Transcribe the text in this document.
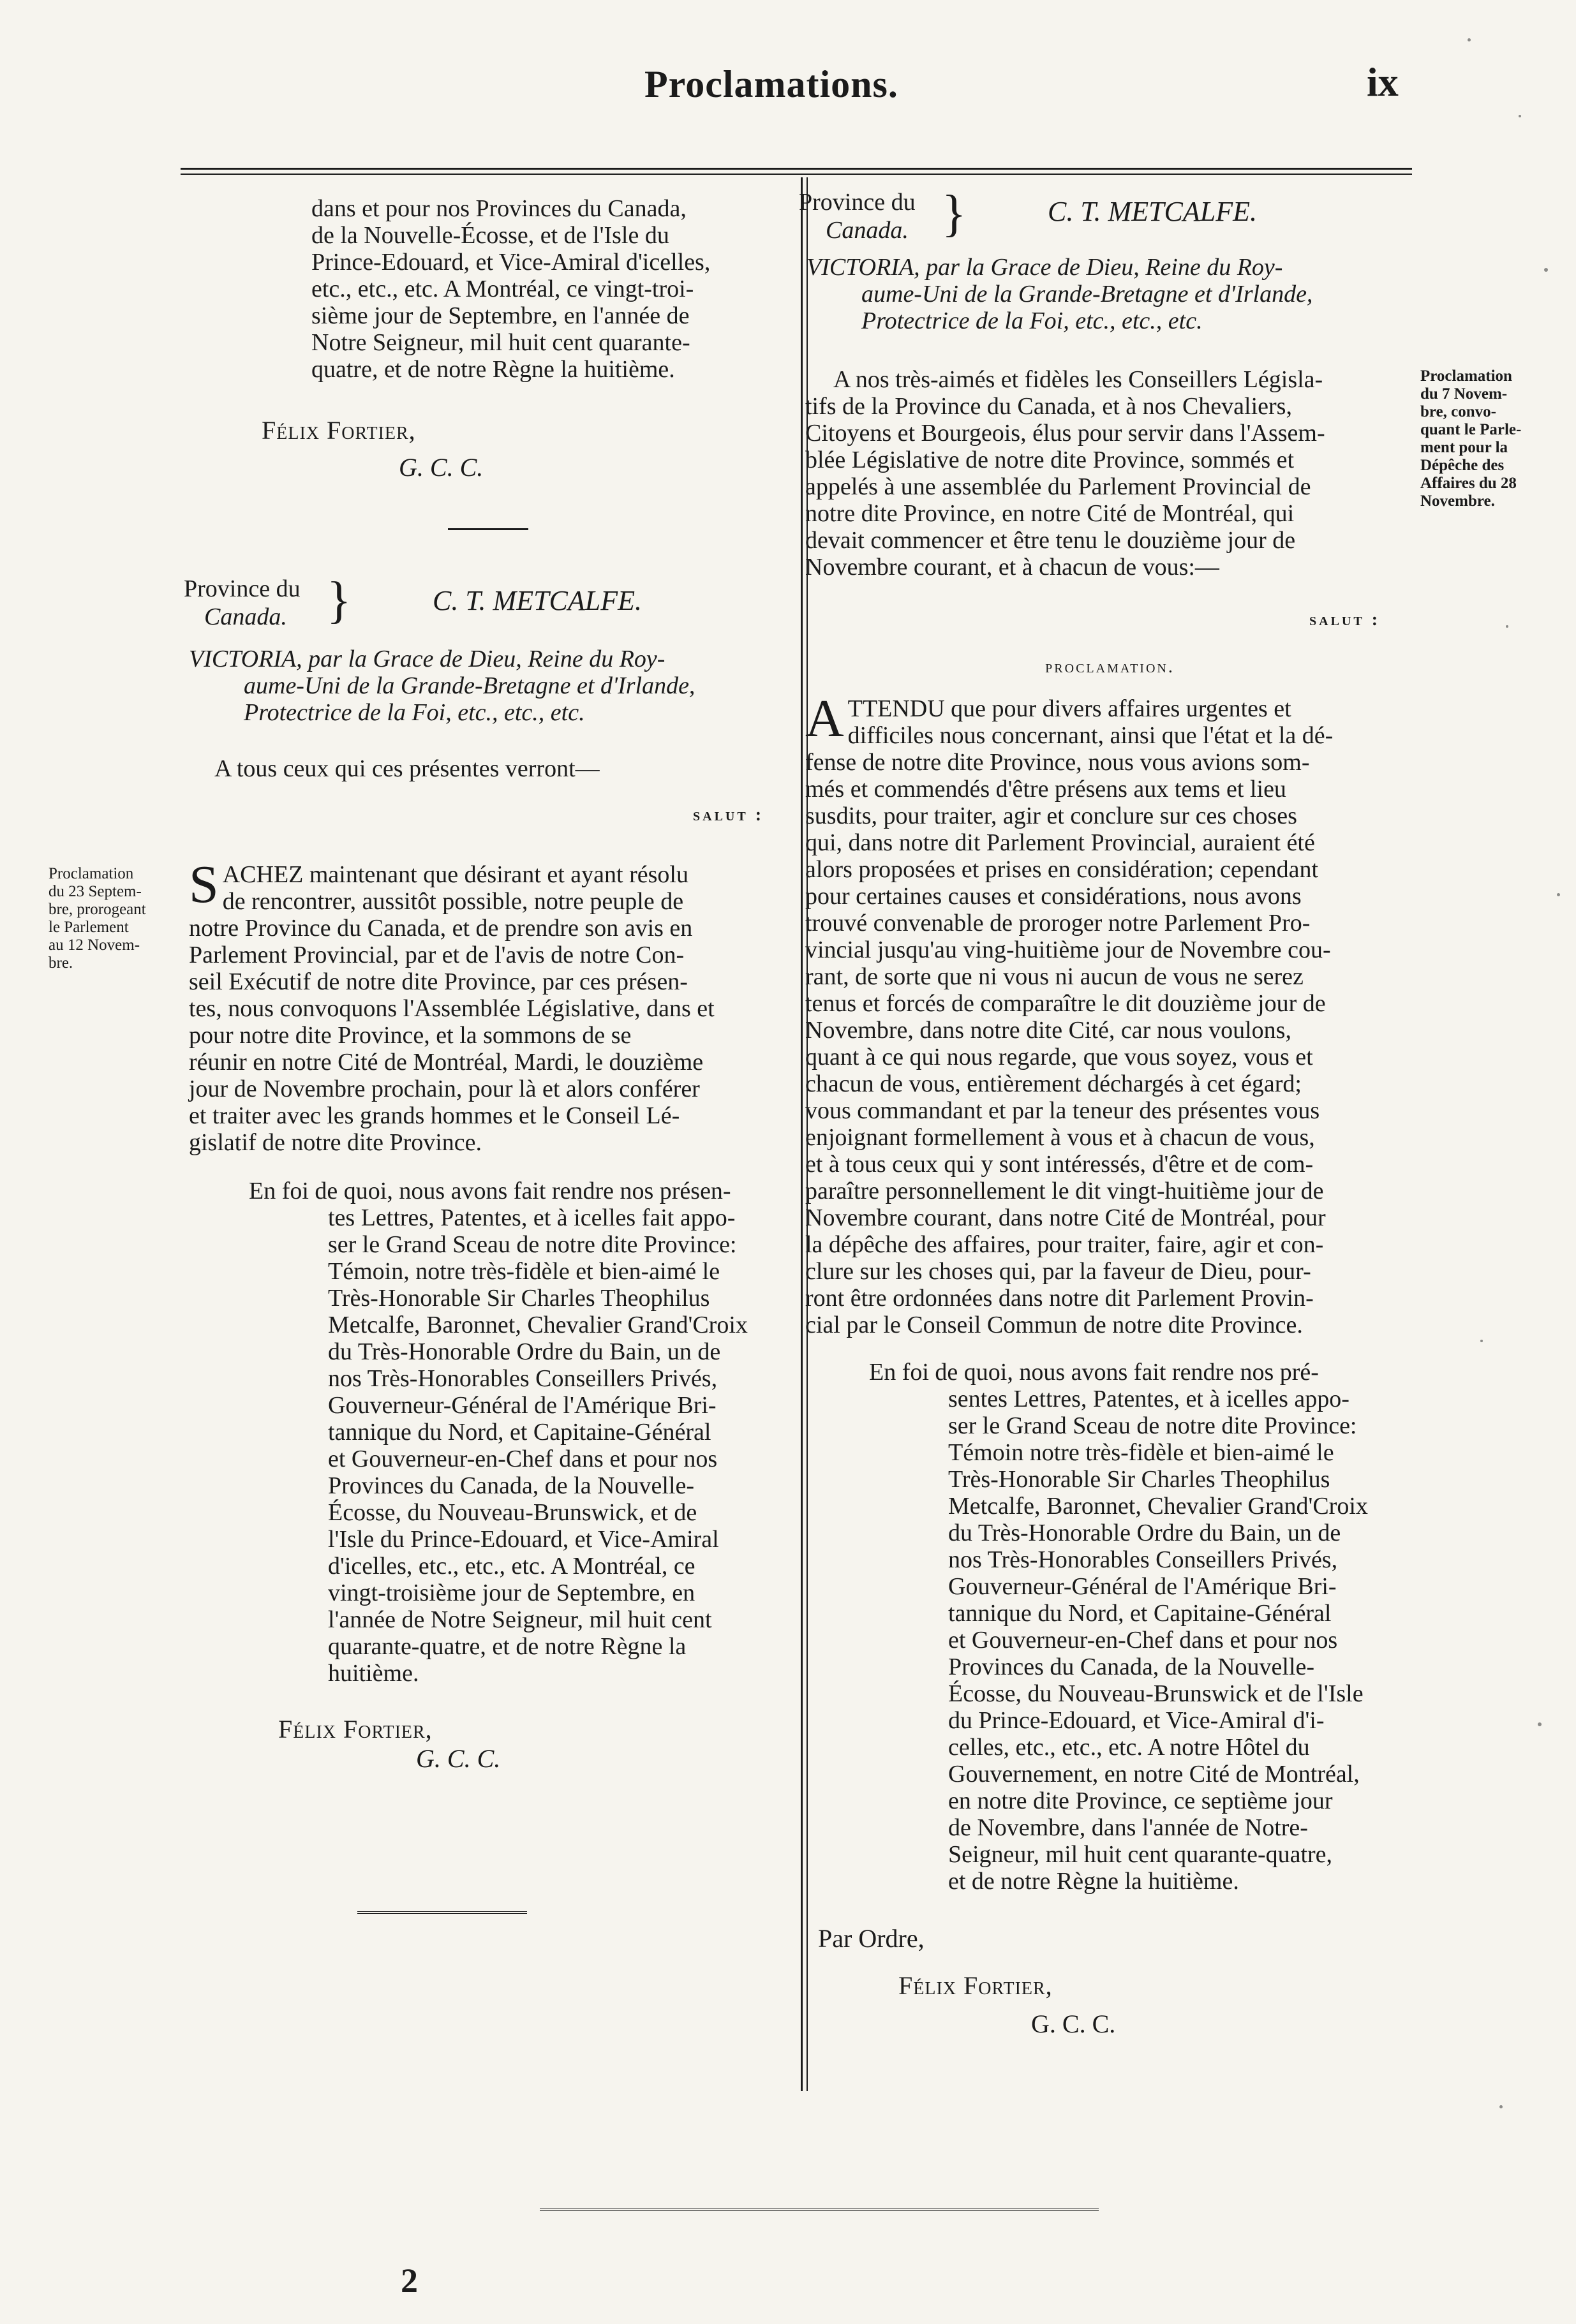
Proclamations.	ix
dans et pour nos Provinces du Canada,
de la Nouvelle-Écosse, et de l'Isle du
Prince-Edouard, et Vice-Amiral d'icelles,
etc., etc., etc. A Montréal, ce vingt-troi-
sième jour de Septembre, en l'année de
Notre Seigneur, mil huit cent quarante-
quatre, et de notre Règne la huitième.
Félix Fortier,
G. C. C.
Province du
Canada. }	C. T. METCALFE.
VICTORIA, par la Grace de Dieu, Reine du Roy-
aume-Uni de la Grande-Bretagne et d'Irlande,
Protectrice de la Foi, etc., etc., etc.
A tous ceux qui ces présentes verront—
salut :
Proclamation
du 23 Septem-
bre, prorogeant
le Parlement
au 12 Novem-
bre.
S ACHEZ maintenant que désirant et ayant résolu
de rencontrer, aussitôt possible, notre peuple de
notre Province du Canada, et de prendre son avis en
Parlement Provincial, par et de l'avis de notre Con-
seil Exécutif de notre dite Province, par ces présen-
tes, nous convoquons l'Assemblée Législative, dans et
pour notre dite Province, et la sommons de se
réunir en notre Cité de Montréal, Mardi, le douzième
jour de Novembre prochain, pour là et alors conférer
et traiter avec les grands hommes et le Conseil Lé-
gislatif de notre dite Province.
En foi de quoi, nous avons fait rendre nos présen-
tes Lettres, Patentes, et à icelles fait appo-
ser le Grand Sceau de notre dite Province:
Témoin, notre très-fidèle et bien-aimé le
Très-Honorable Sir Charles Theophilus
Metcalfe, Baronnet, Chevalier Grand'Croix
du Très-Honorable Ordre du Bain, un de
nos Très-Honorables Conseillers Privés,
Gouverneur-Général de l'Amérique Bri-
tannique du Nord, et Capitaine-Général
et Gouverneur-en-Chef dans et pour nos
Provinces du Canada, de la Nouvelle-
Écosse, du Nouveau-Brunswick, et de
l'Isle du Prince-Edouard, et Vice-Amiral
d'icelles, etc., etc., etc. A Montréal, ce
vingt-troisième jour de Septembre, en
l'année de Notre Seigneur, mil huit cent
quarante-quatre, et de notre Règne la
huitième.
Félix Fortier,
G. C. C.
Province du
Canada. }	C. T. METCALFE.
VICTORIA, par la Grace de Dieu, Reine du Roy-
aume-Uni de la Grande-Bretagne et d'Irlande,
Protectrice de la Foi, etc., etc., etc.
A nos très-aimés et fidèles les Conseillers Législa-
tifs de la Province du Canada, et à nos Chevaliers,
Citoyens et Bourgeois, élus pour servir dans l'Assem-
blée Législative de notre dite Province, sommés et
appelés à une assemblée du Parlement Provincial de
notre dite Province, en notre Cité de Montréal, qui
devait commencer et être tenu le douzième jour de
Novembre courant, et à chacun de vous:—
Proclamation
du 7 Novem-
bre, convo-
quant le Parle-
ment pour la
Dépêche des
Affaires du 28
Novembre.
salut :
proclamation.
A TTENDU que pour divers affaires urgentes et
difficiles nous concernant, ainsi que l'état et la dé-
fense de notre dite Province, nous vous avions som-
més et commendés d'être présens aux tems et lieu
susdits, pour traiter, agir et conclure sur ces choses
qui, dans notre dit Parlement Provincial, auraient été
alors proposées et prises en considération; cependant
pour certaines causes et considérations, nous avons
trouvé convenable de proroger notre Parlement Pro-
vincial jusqu'au ving-huitième jour de Novembre cou-
rant, de sorte que ni vous ni aucun de vous ne serez
tenus et forcés de comparaître le dit douzième jour de
Novembre, dans notre dite Cité, car nous voulons,
quant à ce qui nous regarde, que vous soyez, vous et
chacun de vous, entièrement déchargés à cet égard;
vous commandant et par la teneur des présentes vous
enjoignant formellement à vous et à chacun de vous,
et à tous ceux qui y sont intéressés, d'être et de com-
paraître personnellement le dit vingt-huitième jour de
Novembre courant, dans notre Cité de Montréal, pour
la dépêche des affaires, pour traiter, faire, agir et con-
clure sur les choses qui, par la faveur de Dieu, pour-
ront être ordonnées dans notre dit Parlement Provin-
cial par le Conseil Commun de notre dite Province.
En foi de quoi, nous avons fait rendre nos pré-
sentes Lettres, Patentes, et à icelles appo-
ser le Grand Sceau de notre dite Province:
Témoin notre très-fidèle et bien-aimé le
Très-Honorable Sir Charles Theophilus
Metcalfe, Baronnet, Chevalier Grand'Croix
du Très-Honorable Ordre du Bain, un de
nos Très-Honorables Conseillers Privés,
Gouverneur-Général de l'Amérique Bri-
tannique du Nord, et Capitaine-Général
et Gouverneur-en-Chef dans et pour nos
Provinces du Canada, de la Nouvelle-
Écosse, du Nouveau-Brunswick et de l'Isle
du Prince-Edouard, et Vice-Amiral d'i-
celles, etc., etc., etc. A notre Hôtel du
Gouvernement, en notre Cité de Montréal,
en notre dite Province, ce septième jour
de Novembre, dans l'année de Notre-
Seigneur, mil huit cent quarante-quatre,
et de notre Règne la huitième.
Par Ordre,
Félix Fortier,
G. C. C.
2
